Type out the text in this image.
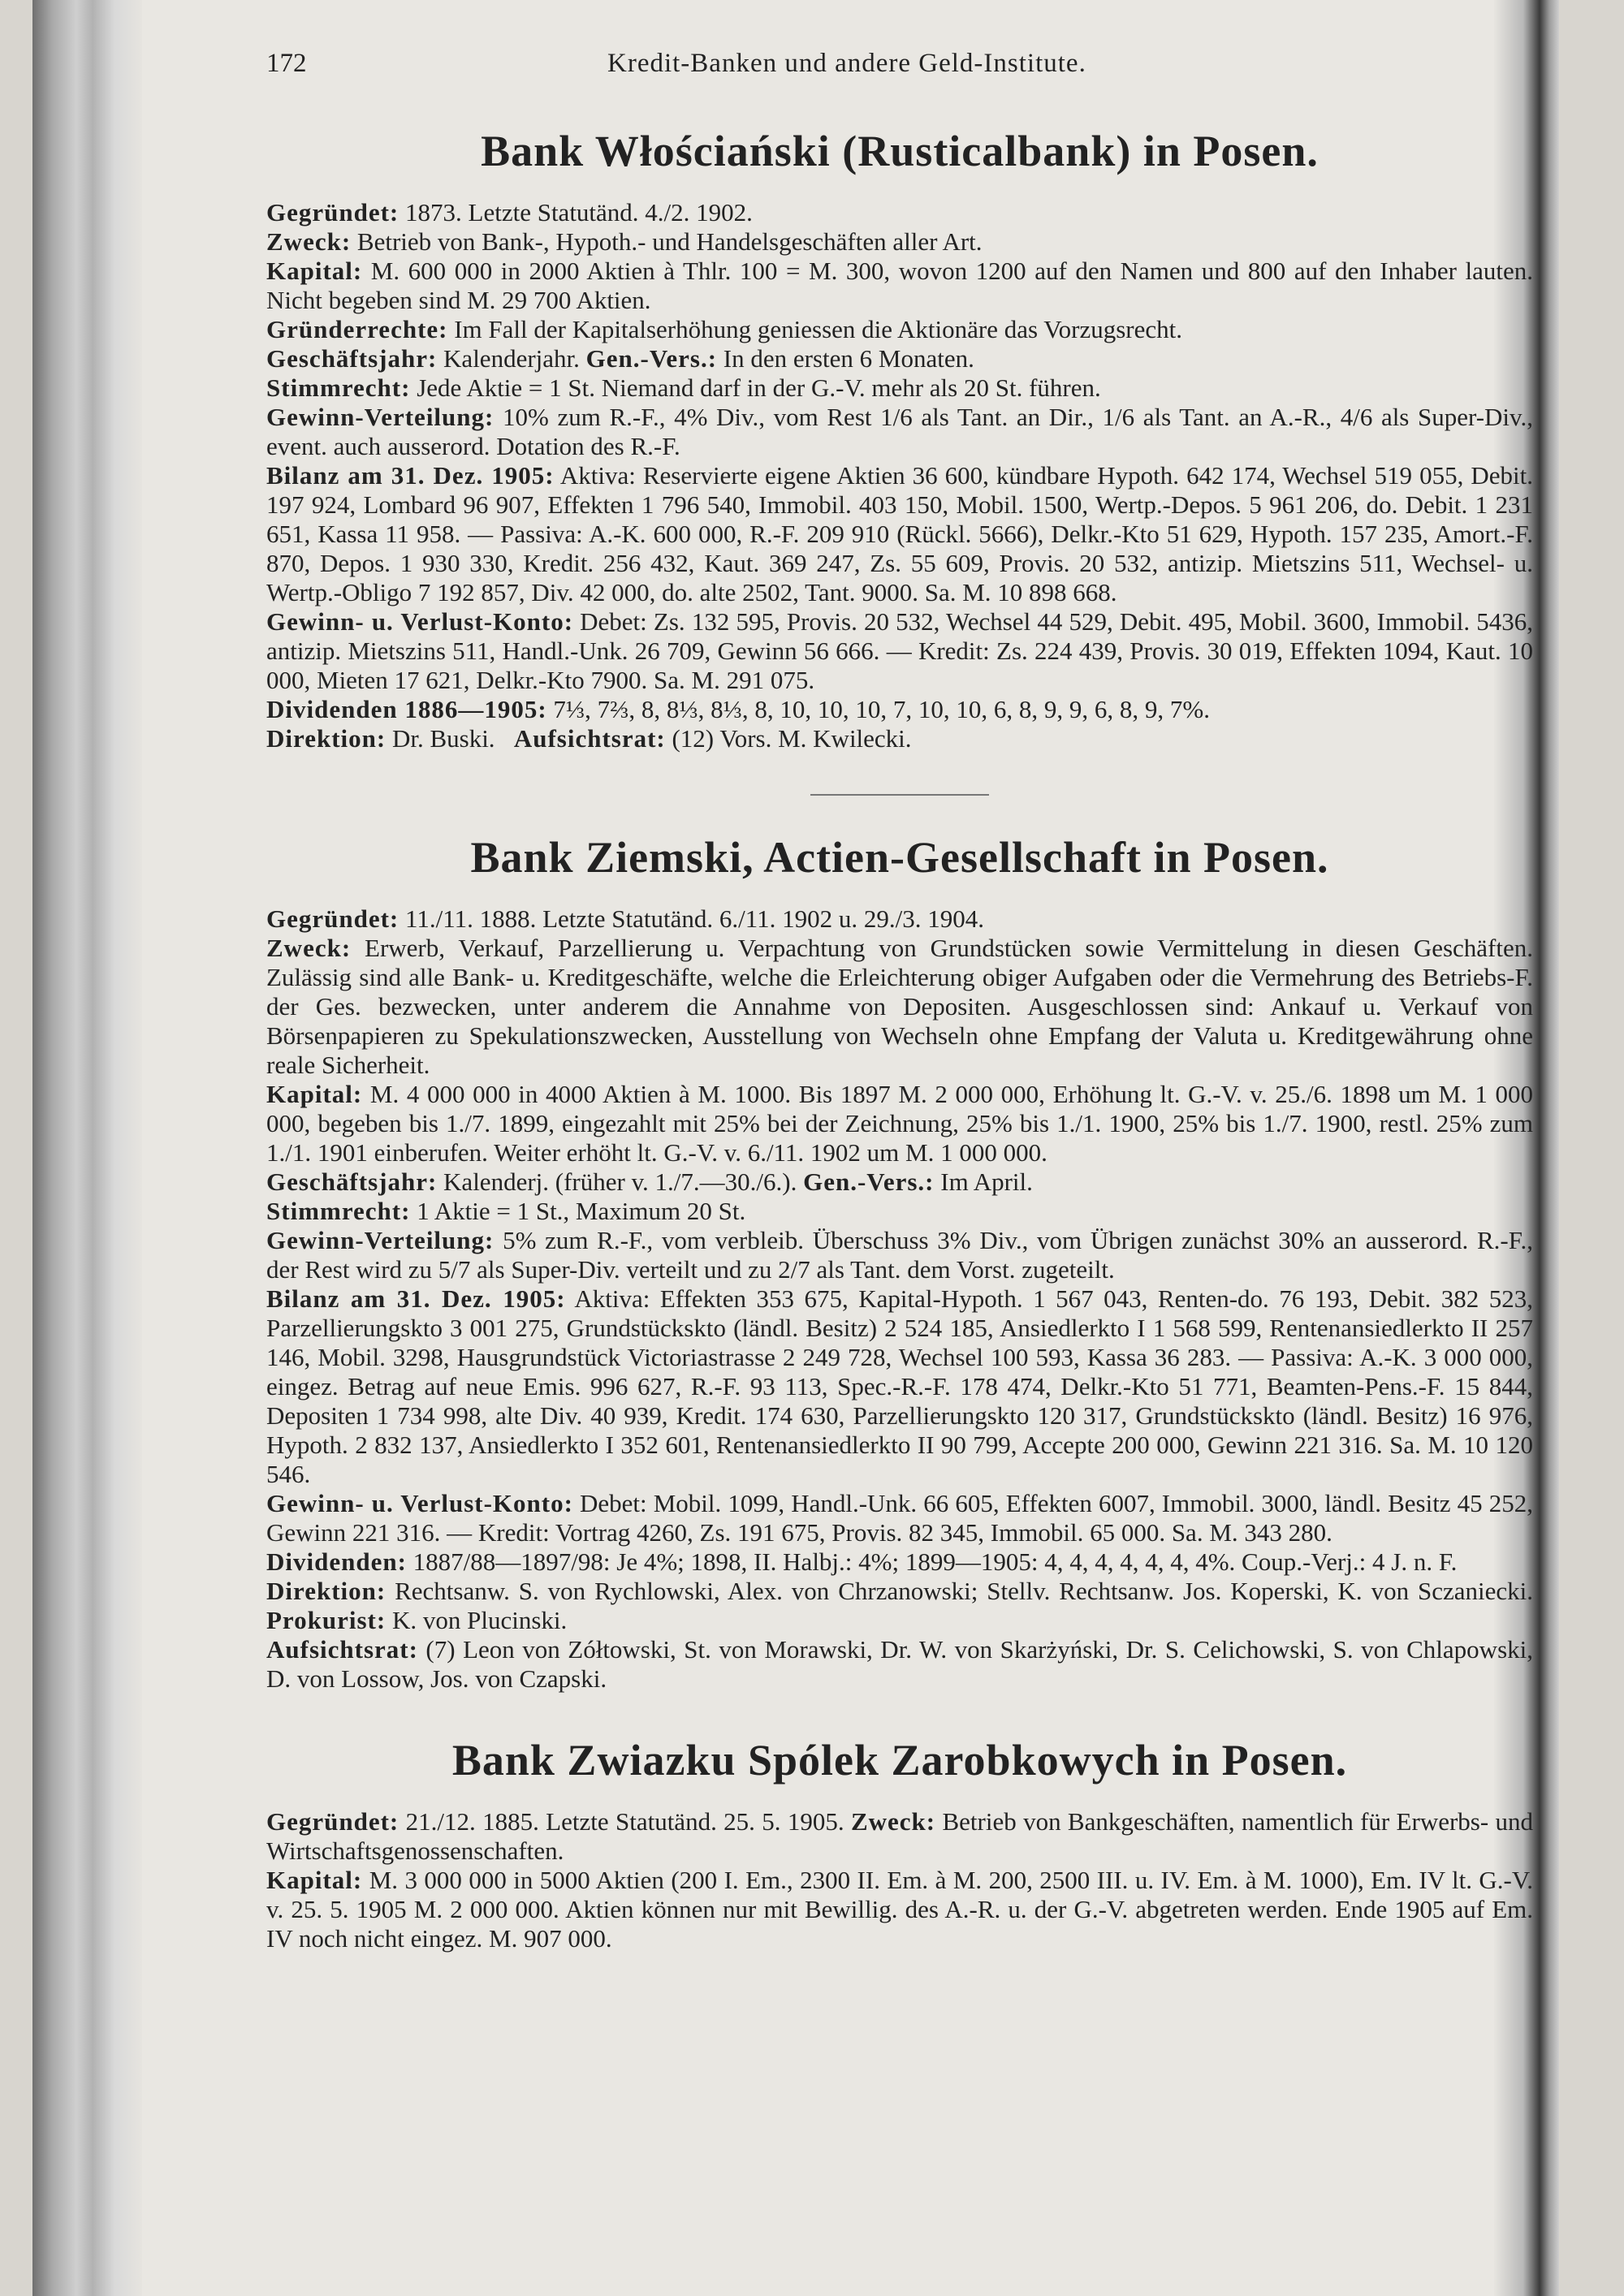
172	Kredit-Banken und andere Geld-Institute.
Bank Włościański (Rusticalbank) in Posen.

Gegründet: 1873. Letzte Statutänd. 4./2. 1902.

Zweck: Betrieb von Bank-, Hypoth.- und Handelsgeschäften aller Art.

Kapital: M. 600 000 in 2000 Aktien à Thlr. 100 = M. 300, wovon 1200 auf den Namen und 800 auf den Inhaber lauten. Nicht begeben sind M. 29 700 Aktien.

Gründerrechte: Im Fall der Kapitalserhöhung geniessen die Aktionäre das Vorzugsrecht.

Geschäftsjahr: Kalenderjahr. Gen.-Vers.: In den ersten 6 Monaten.

Stimmrecht: Jede Aktie = 1 St. Niemand darf in der G.-V. mehr als 20 St. führen.

Gewinn-Verteilung: 10% zum R.-F., 4% Div., vom Rest 1/6 als Tant. an Dir., 1/6 als Tant. an A.-R., 4/6 als Super-Div., event. auch ausserord. Dotation des R.-F.

Bilanz am 31. Dez. 1905: Aktiva: Reservierte eigene Aktien 36 600, kündbare Hypoth. 642 174, Wechsel 519 055, Debit. 197 924, Lombard 96 907, Effekten 1 796 540, Immobil. 403 150, Mobil. 1500, Wertp.-Depos. 5 961 206, do. Debit. 1 231 651, Kassa 11 958. — Passiva: A.-K. 600 000, R.-F. 209 910 (Rückl. 5666), Delkr.-Kto 51 629, Hypoth. 157 235, Amort.-F. 870, Depos. 1 930 330, Kredit. 256 432, Kaut. 369 247, Zs. 55 609, Provis. 20 532, antizip. Mietszins 511, Wechsel- u. Wertp.-Obligo 7 192 857, Div. 42 000, do. alte 2502, Tant. 9000. Sa. M. 10 898 668.

Gewinn- u. Verlust-Konto: Debet: Zs. 132 595, Provis. 20 532, Wechsel 44 529, Debit. 495, Mobil. 3600, Immobil. 5436, antizip. Mietszins 511, Handl.-Unk. 26 709, Gewinn 56 666. — Kredit: Zs. 224 439, Provis. 30 019, Effekten 1094, Kaut. 10 000, Mieten 17 621, Delkr.-Kto 7900. Sa. M. 291 075.

Dividenden 1886—1905: 7⅓, 7⅔, 8, 8⅓, 8⅓, 8, 10, 10, 10, 7, 10, 10, 6, 8, 9, 9, 6, 8, 9, 7%.

Direktion: Dr. Buski. Aufsichtsrat: (12) Vors. M. Kwilecki.

Bank Ziemski, Actien-Gesellschaft in Posen.

Gegründet: 11./11. 1888. Letzte Statutänd. 6./11. 1902 u. 29./3. 1904.

Zweck: Erwerb, Verkauf, Parzellierung u. Verpachtung von Grundstücken sowie Vermittelung in diesen Geschäften. Zulässig sind alle Bank- u. Kreditgeschäfte, welche die Erleichterung obiger Aufgaben oder die Vermehrung des Betriebs-F. der Ges. bezwecken, unter anderem die Annahme von Depositen. Ausgeschlossen sind: Ankauf u. Verkauf von Börsenpapieren zu Spekulationszwecken, Ausstellung von Wechseln ohne Empfang der Valuta u. Kreditgewährung ohne reale Sicherheit.

Kapital: M. 4 000 000 in 4000 Aktien à M. 1000. Bis 1897 M. 2 000 000, Erhöhung lt. G.-V. v. 25./6. 1898 um M. 1 000 000, begeben bis 1./7. 1899, eingezahlt mit 25% bei der Zeichnung, 25% bis 1./1. 1900, 25% bis 1./7. 1900, restl. 25% zum 1./1. 1901 einberufen. Weiter erhöht lt. G.-V. v. 6./11. 1902 um M. 1 000 000.

Geschäftsjahr: Kalenderj. (früher v. 1./7.—30./6.). Gen.-Vers.: Im April.

Stimmrecht: 1 Aktie = 1 St., Maximum 20 St.

Gewinn-Verteilung: 5% zum R.-F., vom verbleib. Überschuss 3% Div., vom Übrigen zunächst 30% an ausserord. R.-F., der Rest wird zu 5/7 als Super-Div. verteilt und zu 2/7 als Tant. dem Vorst. zugeteilt.

Bilanz am 31. Dez. 1905: Aktiva: Effekten 353 675, Kapital-Hypoth. 1 567 043, Renten-do. 76 193, Debit. 382 523, Parzellierungskto 3 001 275, Grundstückskto (ländl. Besitz) 2 524 185, Ansiedlerkto I 1 568 599, Rentenansiedlerkto II 257 146, Mobil. 3298, Hausgrundstück Victoriastrasse 2 249 728, Wechsel 100 593, Kassa 36 283. — Passiva: A.-K. 3 000 000, eingez. Betrag auf neue Emis. 996 627, R.-F. 93 113, Spec.-R.-F. 178 474, Delkr.-Kto 51 771, Beamten-Pens.-F. 15 844, Depositen 1 734 998, alte Div. 40 939, Kredit. 174 630, Parzellierungskto 120 317, Grundstückskto (ländl. Besitz) 16 976, Hypoth. 2 832 137, Ansiedlerkto I 352 601, Rentenansiedlerkto II 90 799, Accepte 200 000, Gewinn 221 316. Sa. M. 10 120 546.

Gewinn- u. Verlust-Konto: Debet: Mobil. 1099, Handl.-Unk. 66 605, Effekten 6007, Immobil. 3000, ländl. Besitz 45 252, Gewinn 221 316. — Kredit: Vortrag 4260, Zs. 191 675, Provis. 82 345, Immobil. 65 000. Sa. M. 343 280.

Dividenden: 1887/88—1897/98: Je 4%; 1898, II. Halbj.: 4%; 1899—1905: 4, 4, 4, 4, 4, 4, 4%. Coup.-Verj.: 4 J. n. F.

Direktion: Rechtsanw. S. von Rychlowski, Alex. von Chrzanowski; Stellv. Rechtsanw. Jos. Koperski, K. von Sczaniecki. Prokurist: K. von Plucinski.

Aufsichtsrat: (7) Leon von Zółtowski, St. von Morawski, Dr. W. von Skarżyński, Dr. S. Celichowski, S. von Chlapowski, D. von Lossow, Jos. von Czapski.

Bank Zwiazku Spólek Zarobkowych in Posen.

Gegründet: 21./12. 1885. Letzte Statutänd. 25. 5. 1905. Zweck: Betrieb von Bankgeschäften, namentlich für Erwerbs- und Wirtschaftsgenossenschaften.

Kapital: M. 3 000 000 in 5000 Aktien (200 I. Em., 2300 II. Em. à M. 200, 2500 III. u. IV. Em. à M. 1000), Em. IV lt. G.-V. v. 25. 5. 1905 M. 2 000 000. Aktien können nur mit Bewillig. des A.-R. u. der G.-V. abgetreten werden. Ende 1905 auf Em. IV noch nicht eingez. M. 907 000.
